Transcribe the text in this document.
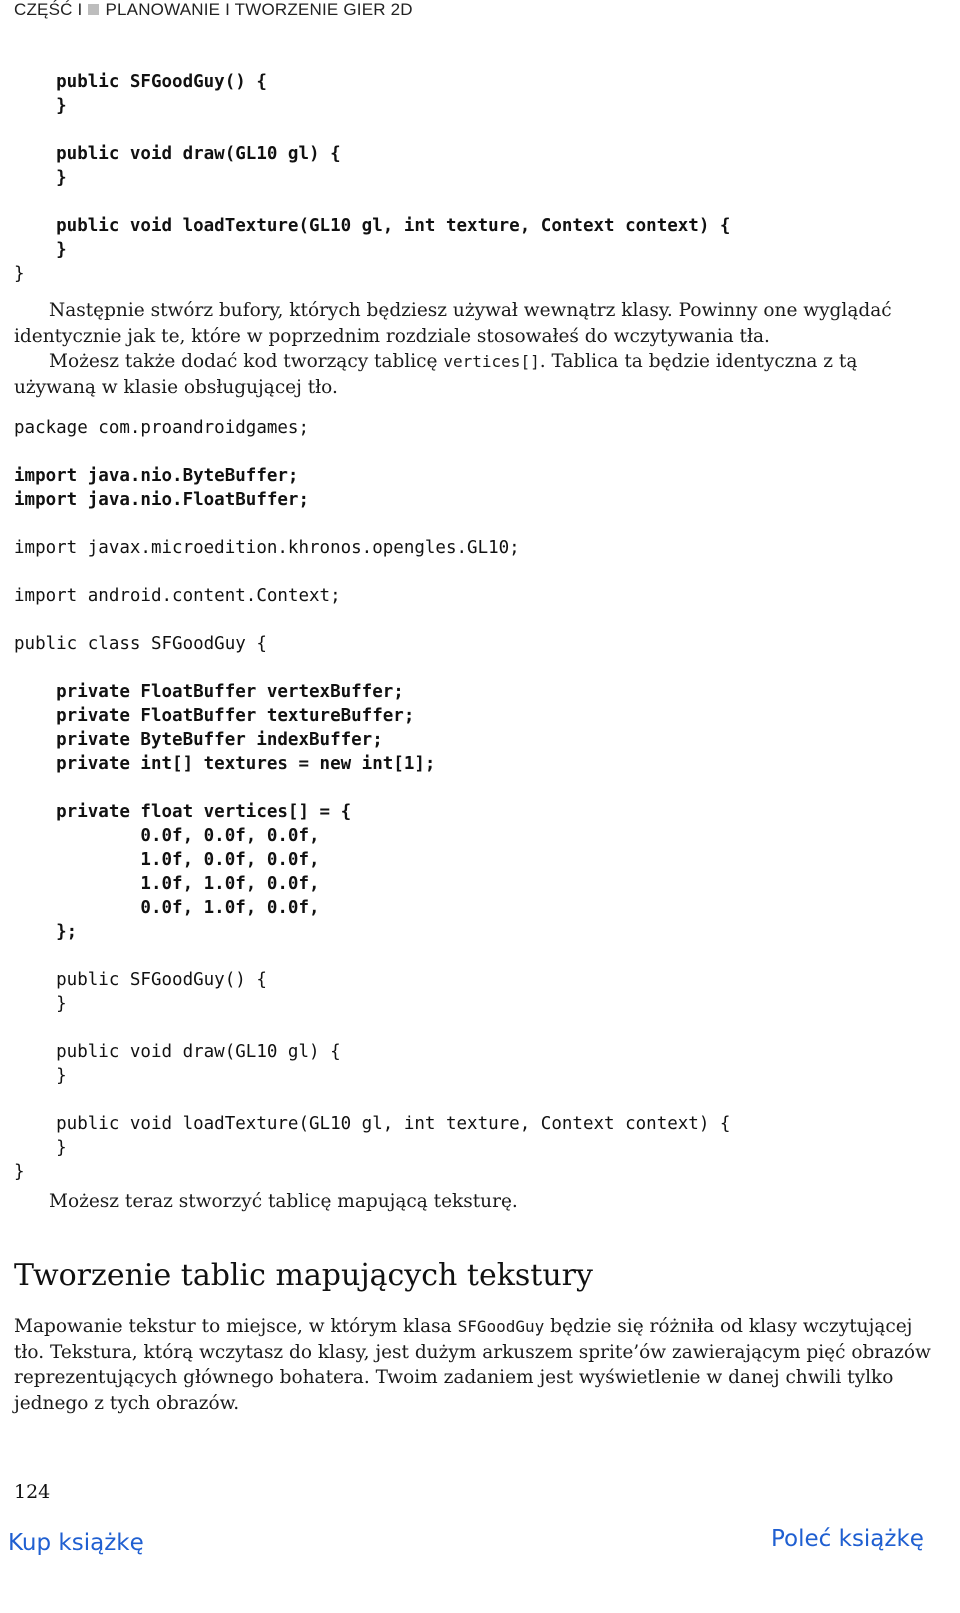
CZĘŚĆ I PLANOWANIE I TWORZENIE GIER 2D
public SFGoodGuy() {
}

public void draw(GL10 gl) {
}

public void loadTexture(GL10 gl, int texture, Context context) {
}
}

Następnie stwórz bufory, których będziesz używał wewnątrz klasy. Powinny one wyglądać identycznie jak te, które w poprzednim rozdziale stosowałeś do wczytywania tła.

Możesz także dodać kod tworzący tablicę vertices[]. Tablica ta będzie identyczna z tą używaną w klasie obsługującej tło.

package com.proandroidgames;

import java.nio.ByteBuffer;
import java.nio.FloatBuffer;

import javax.microedition.khronos.opengles.GL10;

import android.content.Context;

public class SFGoodGuy {

private FloatBuffer vertexBuffer;
private FloatBuffer textureBuffer;
private ByteBuffer indexBuffer;
private int[] textures = new int[1];

private float vertices[] = {
0.0f, 0.0f, 0.0f,
1.0f, 0.0f, 0.0f,
1.0f, 1.0f, 0.0f,
0.0f, 1.0f, 0.0f,
};

public SFGoodGuy() {
}

public void draw(GL10 gl) {
}

public void loadTexture(GL10 gl, int texture, Context context) {
}
}

Możesz teraz stworzyć tablicę mapującą teksturę.

Tworzenie tablic mapujących tekstury

Mapowanie tekstur to miejsce, w którym klasa SFGoodGuy będzie się różniła od klasy wczytującej tło. Tekstura, którą wczytasz do klasy, jest dużym arkuszem sprite’ów zawierającym pięć obrazów reprezentujących głównego bohatera. Twoim zadaniem jest wyświetlenie w danej chwili tylko jednego z tych obrazów.

124
Kup książkę	Poleć książkę
